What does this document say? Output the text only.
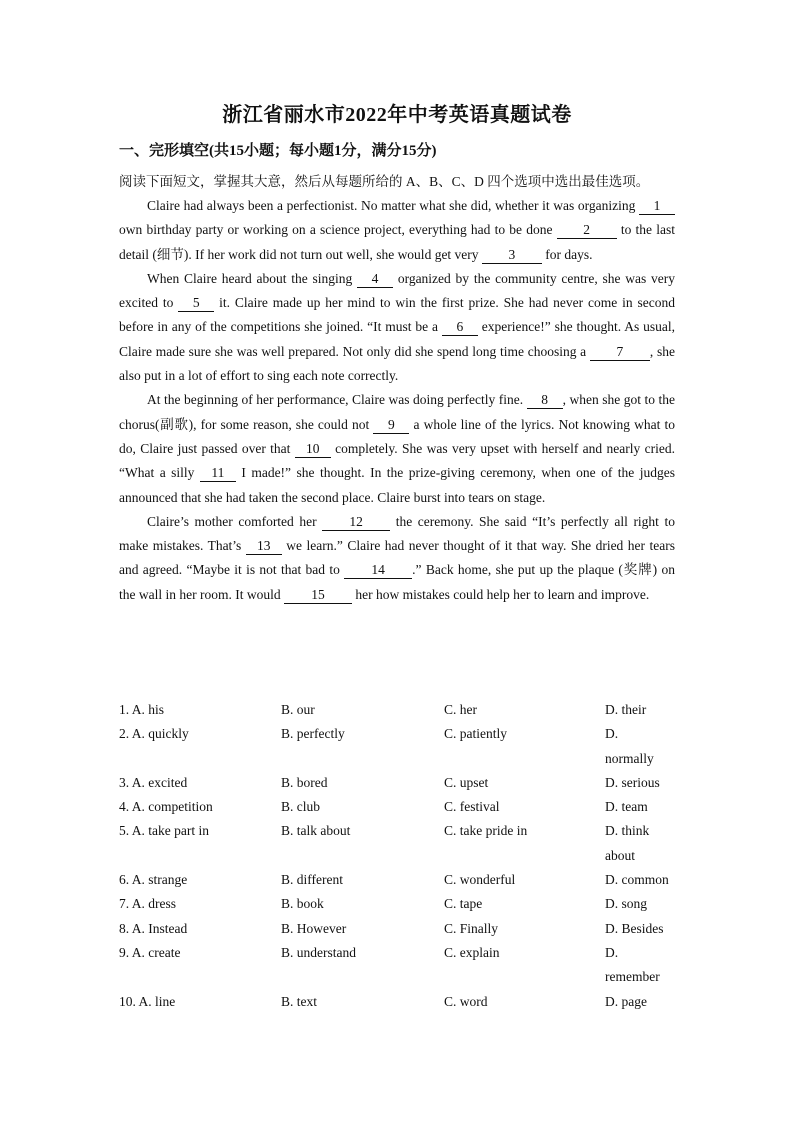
浙江省丽水市2022年中考英语真题试卷
一、完形填空(共15小题；每小题1分，满分15分)
阅读下面短文，掌握其大意，然后从每题所给的 A、B、C、D 四个选项中选出最佳选项。

Claire had always been a perfectionist. No matter what she did, whether it was organizing 1 own birthday party or working on a science project, everything had to be done 2 to the last detail (细节). If her work did not turn out well, she would get very 3 for days.

When Claire heard about the singing 4 organized by the community centre, she was very excited to 5 it. Claire made up her mind to win the first prize. She had never come in second before in any of the competitions she joined. “It must be a 6 experience!” she thought. As usual, Claire made sure she was well prepared. Not only did she spend long time choosing a 7 , she also put in a lot of effort to sing each note correctly.

At the beginning of her performance, Claire was doing perfectly fine. 8 , when she got to the chorus(副歌), for some reason, she could not 9 a whole line of the lyrics. Not knowing what to do, Claire just passed over that 10 completely. She was very upset with herself and nearly cried. “What a silly 11 I made!” she thought. In the prize-giving ceremony, when one of the judges announced that she had taken the second place. Claire burst into tears on stage.

Claire’s mother comforted her 12 the ceremony. She said “It’s perfectly all right to make mistakes. That’s 13 we learn.” Claire had never thought of it that way. She dried her tears and agreed. “Maybe it is not that bad to 14 .” Back home, she put up the plaque (奖牌) on the wall in her room. It would 15 her how mistakes could help her to learn and improve.

1. A. his	B. our	C. her	D. their
2. A. quickly	B. perfectly	C. patiently	D. normally
3. A. excited	B. bored	C. upset	D. serious
4. A. competition	B. club	C. festival	D. team
5. A. take part in	B. talk about	C. take pride in	D. think about
6. A. strange	B. different	C. wonderful	D. common
7. A. dress	B. book	C. tape	D. song
8. A. Instead	B. However	C. Finally	D. Besides
9. A. create	B. understand	C. explain	D. remember
10. A. line	B. text	C. word	D. page
